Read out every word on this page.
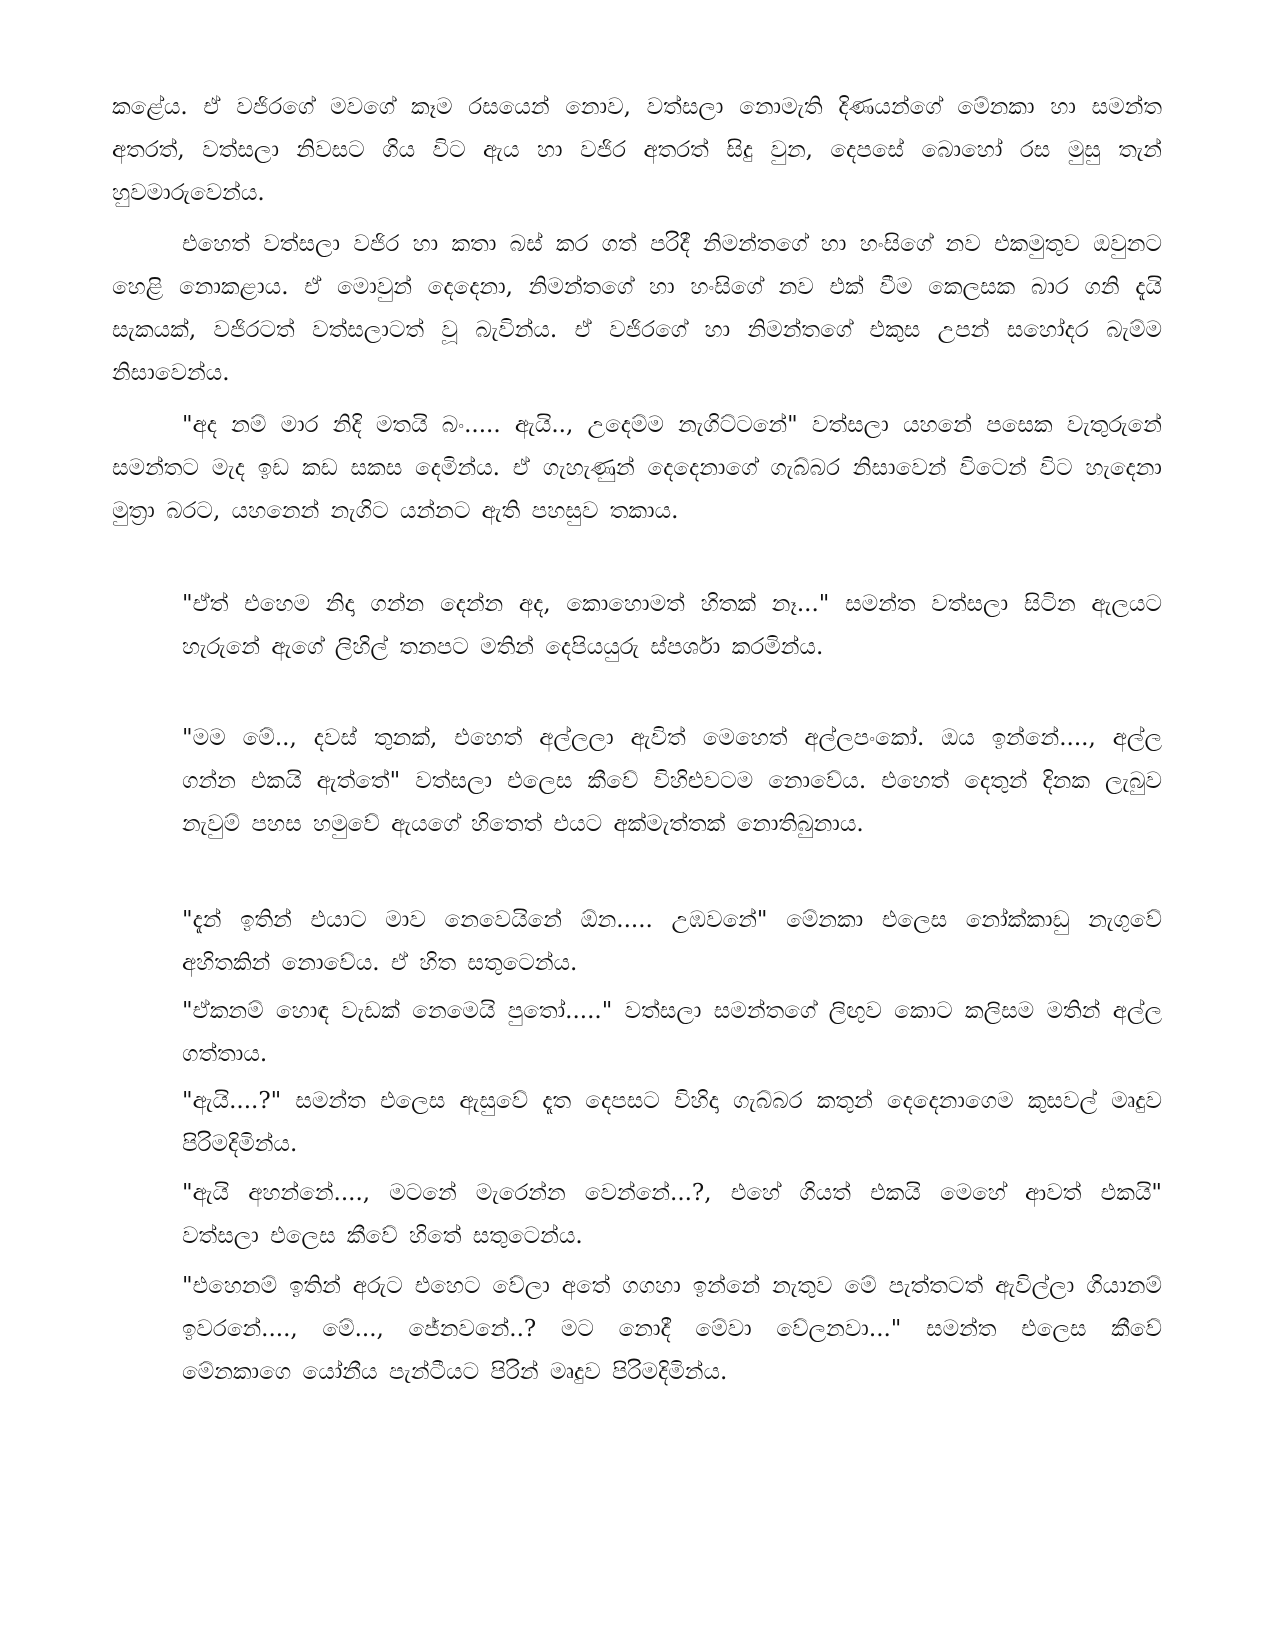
කළේය. ඒ වජිරගේ මවගේ කෑම රසයෙන් නොව, වත්සලා නොමැති දිණයන්ගේ මේනකා හා සමන්ත අතරත්, වත්සලා නිවසට ගිය විට ඇය හා වජිර අතරත් සිදු වුන, දෙපසේ බොහෝ රස මුසු තැන් හුවමාරුවෙන්ය.

එහෙත් වත්සලා වජිර හා කතා බස් කර ගත් පරිදී නිමන්තගේ හා හංසිගේ නව එකමුතුව ඔවුනට හෙළි නොකළාය. ඒ මොවුන් දෙදෙනා, නිමන්තගේ හා හංසිගේ නව එක් වීම කෙලසක බාර ගනි දැයි සැකයක්, වජිරටත් වත්සලාටත් වූ බැවින්ය. ඒ වජිරගේ හා නිමන්තගේ එකුස උපන් සහෝදර බැම්ම නිසාවෙන්ය.

"අද නම් මාර නිදි මතයි බං..... ඇයි.., උදෙම්ම නැගිට්ටනේ" වත්සලා යහනේ පසෙක වැතුරුනේ සමන්තට මැද ඉඩ කඩ සකස දෙමින්ය. ඒ ගැහැණුන් දෙදෙනාගේ ගැබ්බර නිසාවෙන් විටෙන් විට හැදෙනා මුත්‍රා බරට, යහනෙන් නැගිට යන්නට ඇති පහසුව තකාය.

"ඒත් එහෙම නිදා ගන්න දෙන්න අද, කොහොමත් හිතක් නෑ..." සමන්ත වත්සලා සිටින ඇලයට හැරුනේ ඇගේ ලිහිල් තනපට මතින් දෙපියයුරු ස්පර්ශා කරමින්ය.

"මම මේ.., දවස් තුනක්, එහෙත් අල්ලලා ඇවිත් මෙහෙත් අල්ලපංකෝ. ඔය ඉන්නේ...., අල්ල ගන්න එකයි ඇත්තේ" වත්සලා එලෙස කීවේ විහිළුවටම නොවේය. එහෙත් දෙතුන් දිනක ලැබුව නැවුම් පහස හමුවේ ඇයගේ හිතෙත් එයට අක්මැත්තක් නොතිබුනාය.

"දැන් ඉතින් එයාට මාව නෙවෙයිනේ ඕන..... උඹවනේ" මේනකා එලෙස නෝක්කාඩු නැගුවේ අහිතකින් නොවේය. ඒ හිත සතුටෙන්ය.

"ඒකනම් හොඳ වැඩක් නෙමෙයි පුතෝ....." වත්සලා සමන්තගේ ලිඟුව කොට කලිසම මතින් අල්ල ගත්තාය.

"ඇයි....?" සමන්ත එලෙස ඇසුවේ දෑත දෙපසට විහිදා ගැබ්බර කතුන් දෙදෙනාගෙම කුසවල් මෘදුව පිරිමදිමින්ය.

"ඇයි අහන්නේ...., මටනේ මැරෙන්න වෙන්නේ...?, එහේ ගියත් එකයි මෙහේ ආවත් එකයි" වත්සලා එලෙස කීවේ හිතේ සතුටෙන්ය.

"එහෙනම් ඉතින් අරුට එහෙට වේලා අතේ ගගහා ඉන්නේ නැතුව මේ පැත්තටත් ඇවිල්ලා ගියානම් ඉවරනේ...., මේ..., ජේනවනේ..? මට නොදී මේවා වේලනවා..." සමන්ත එලෙස කීවේ මේනකාගෙ යෝනීය පැන්ටීයට පිරින් මෘදුව පිරිමදිමින්ය.
